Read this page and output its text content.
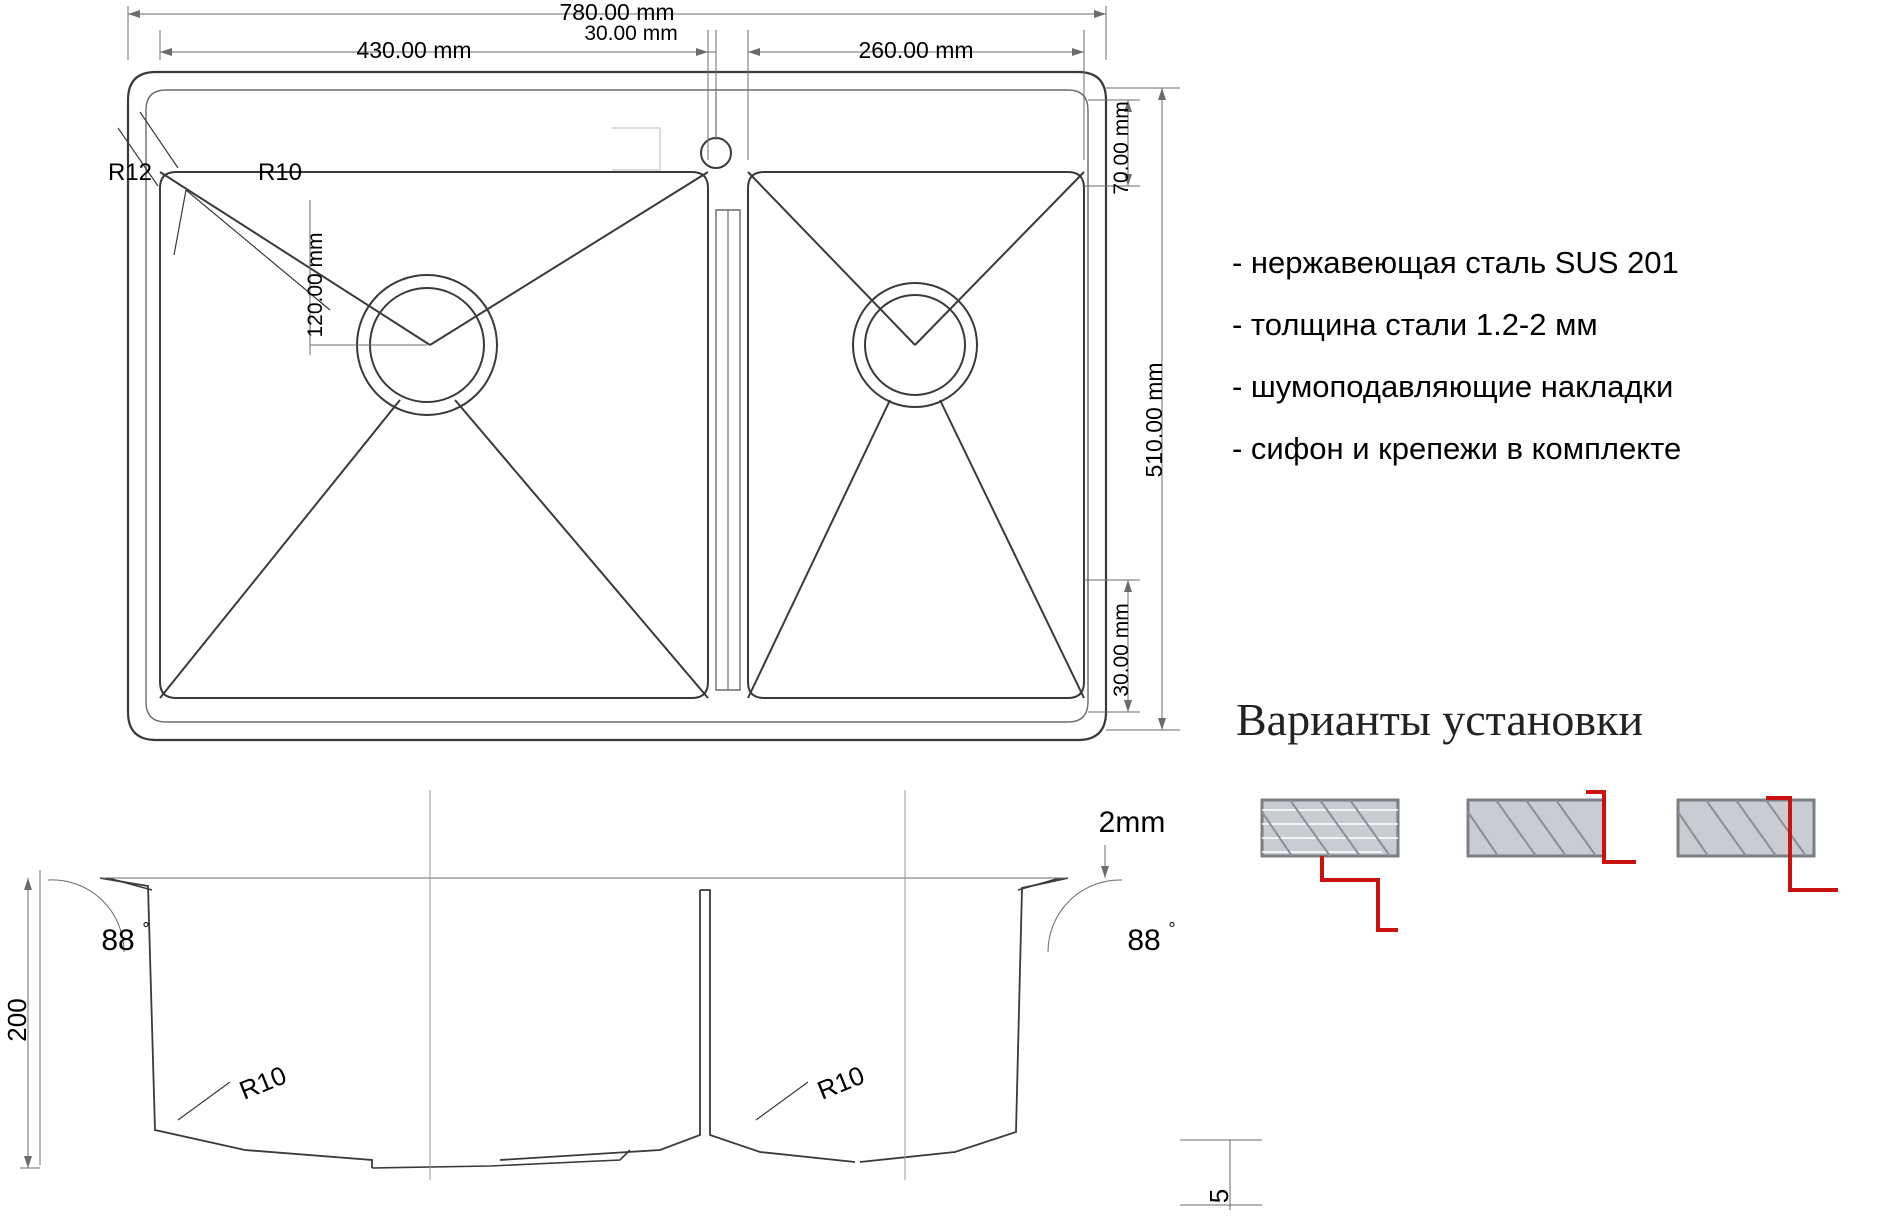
780.00 mm
430.00 mm
30.00 mm
260.00 mm
510.00 mm
70.00 mm
30.00 mm
120.00 mm
R12	R10
2mm
88 °	88 °
200
5
R10	R10
- нержавеющая сталь SUS 201
- толщина стали 1.2-2 мм
- шумоподавляющие накладки
- сифон и крепежи в комплекте
Варианты установки
